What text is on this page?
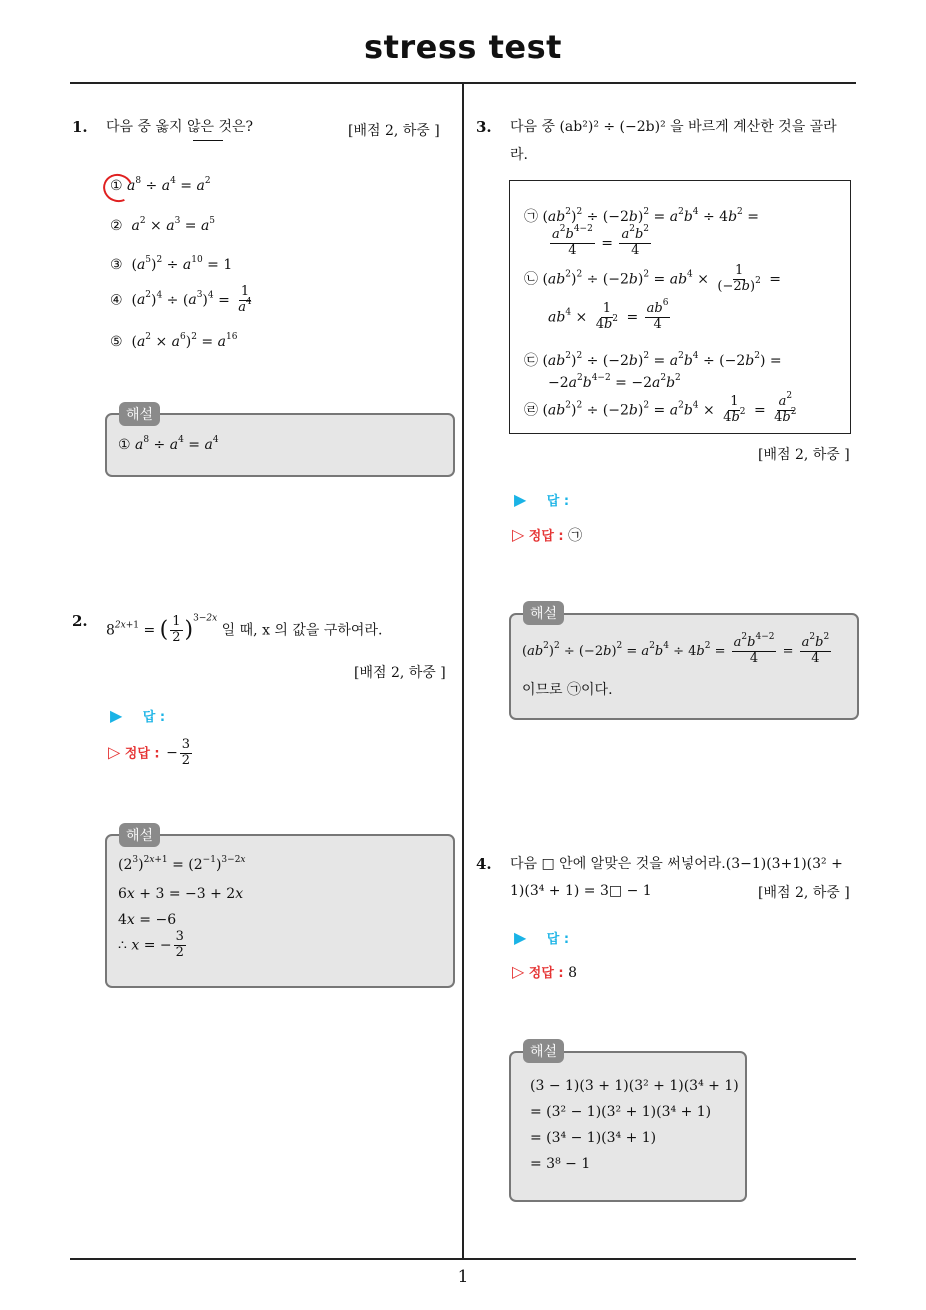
stress test
1
1. 다음 중 옳지 않은 것은?	[배점 2, 하중 ]
① $a^8 \div a^4 = a^2$
② $a^2 \times a^3 = a^5$
③  $(a^5)^2 \div a^{10} = 1$
④  $(a^2)^4 \div (a^3)^4 = \frac{1}{a^4}$
⑤  $(a^2 \times a^6)^2 = a^{16}$
해설
① $a^8 \div a^4 = a^4$
2.
$8^{2x+1}$ = ( $\frac{1}{2} )^{3-2x}$ 일 때, x 의 값을 구하여라.
[배점 2, 하중 ]
▶ 답 :
▷ 정답 : − $\frac{3}{2}$
해설
$(2^3)^{2x+1} = (2^{-1})^{3-2x}$
6x + 3 = −3 + 2x
4x = −6
∴ x = − $\frac{3}{2}$
3. 다음 중 (ab²)² ÷ (−2b)² 을 바르게 계산한 것을 골라
라.
㉠ $(ab^2)^2 \div (-2b)^2 = a^2b^4 \div 4b^2$ =
$\frac{a^2b^{4-2}}{4} = \frac{a^2b^2}{4}$
㉡ $(ab^2)^2 \div (-2b)^2 = ab^4 \times \frac{1}{(-2b)^2}$ =
$ab^4 \times \frac{1}{4b^2} = \frac{ab^6}{4}$
㉢ $(ab^2)^2 \div (-2b)^2 = a^2b^4 \div (-2b^2)$ =
$-2a^2b^{4-2} = -2a^2b^2$
㉣ $(ab^2)^2 \div (-2b)^2 = a^2b^4 \times \frac{1}{4b^2} = \frac{a^2}{4b^2}$
[배점 2, 하중 ]
▶ 답 :
▷ 정답 : ㉠
해설
$(ab^2)^2 \div (-2b)^2 = a^2b^4 \div 4b^2 = \frac{a^2b^{4-2}}{4} = \frac{a^2b^2}{4}$
이므로 ㉠이다.
4. 다음 □ 안에 알맞은 것을 써넣어라.(3−1)(3+1)(3² +
1)(3⁴ + 1) = 3□ − 1	[배점 2, 하중 ]
▶ 답 :
▷ 정답 : 8
해설
(3 − 1)(3 + 1)(3² + 1)(3⁴ + 1)
= (3² − 1)(3² + 1)(3⁴ + 1)
= (3⁴ − 1)(3⁴ + 1)
= 3⁸ − 1
